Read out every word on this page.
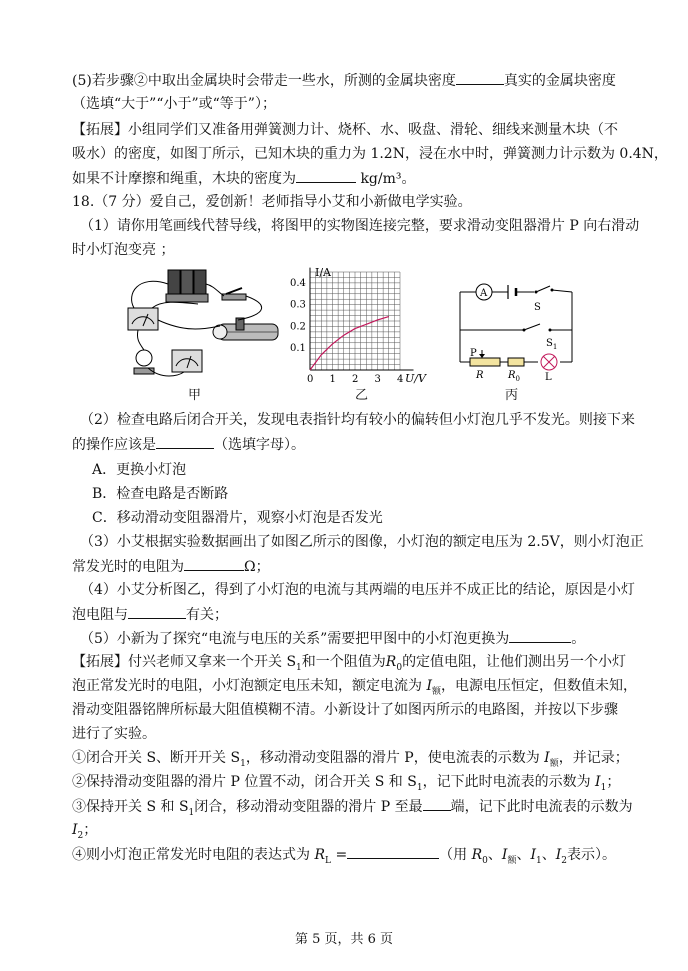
(5)若步骤②中取出金属块时会带走一些水，所测的金属块密度	真实的金属块密度
（选填“大于”“小于”或“等于”）；
【拓展】小组同学们又准备用弹簧测力计、烧杯、水、吸盘、滑轮、细线来测量木块（不
吸水）的密度，如图丁所示，已知木块的重力为 1.2N，浸在水中时，弹簧测力计示数为 0.4N，
如果不计摩擦和绳重，木块的密度为	kg/m³。
18.（7 分）爱自己，爱创新！老师指导小艾和小新做电学实验。
（1）请你用笔画线代替导线，将图甲的实物图连接完整，要求滑动变阻器滑片 P 向右滑动
时小灯泡变亮 ；
甲
I/A
U/V
0 1 2 3 4
0.1
0.2
0.3
0.4
乙
A
S
$S_1$
P
R $R_0$	L
丙
（2）检查电路后闭合开关，发现电表指针均有较小的偏转但小灯泡几乎不发光。则接下来
的操作应该是	（选填字母）。
A．更换小灯泡
B．检查电路是否断路
C．移动滑动变阻器滑片，观察小灯泡是否发光
（3）小艾根据实验数据画出了如图乙所示的图像，小灯泡的额定电压为 2.5V，则小灯泡正
常发光时的电阻为	Ω；
（4）小艾分析图乙，得到了小灯泡的电流与其两端的电压并不成正比的结论，原因是小灯
泡电阻与	有关；
（5）小新为了探究“电流与电压的关系”需要把甲图中的小灯泡更换为	。
【拓展】付兴老师又拿来一个开关 $S_1$和一个阻值为$R_0$的定值电阻，让他们测出另一个小灯
泡正常发光时的电阻，小灯泡额定电压未知，额定电流为 $I_额$，电源电压恒定，但数值未知，
滑动变阻器铭牌所标最大阻值模糊不清。小新设计了如图丙所示的电路图，并按以下步骤
进行了实验。
①闭合开关 S、断开开关 $S_1$，移动滑动变阻器的滑片 P，使电流表的示数为 $I_额$，并记录；
②保持滑动变阻器的滑片 P 位置不动，闭合开关 S 和 $S_1$，记下此时电流表的示数为 $I_1$；
③保持开关 S 和 $S_1$闭合，移动滑动变阻器的滑片 P 至最 端，记下此时电流表的示数为
$I_2$；
④则小灯泡正常发光时电阻的表达式为 $R_L$ =	（用 $R_0$、$I_额$、$I_1$、$I_2$表示）。
第 5 页，共 6 页
